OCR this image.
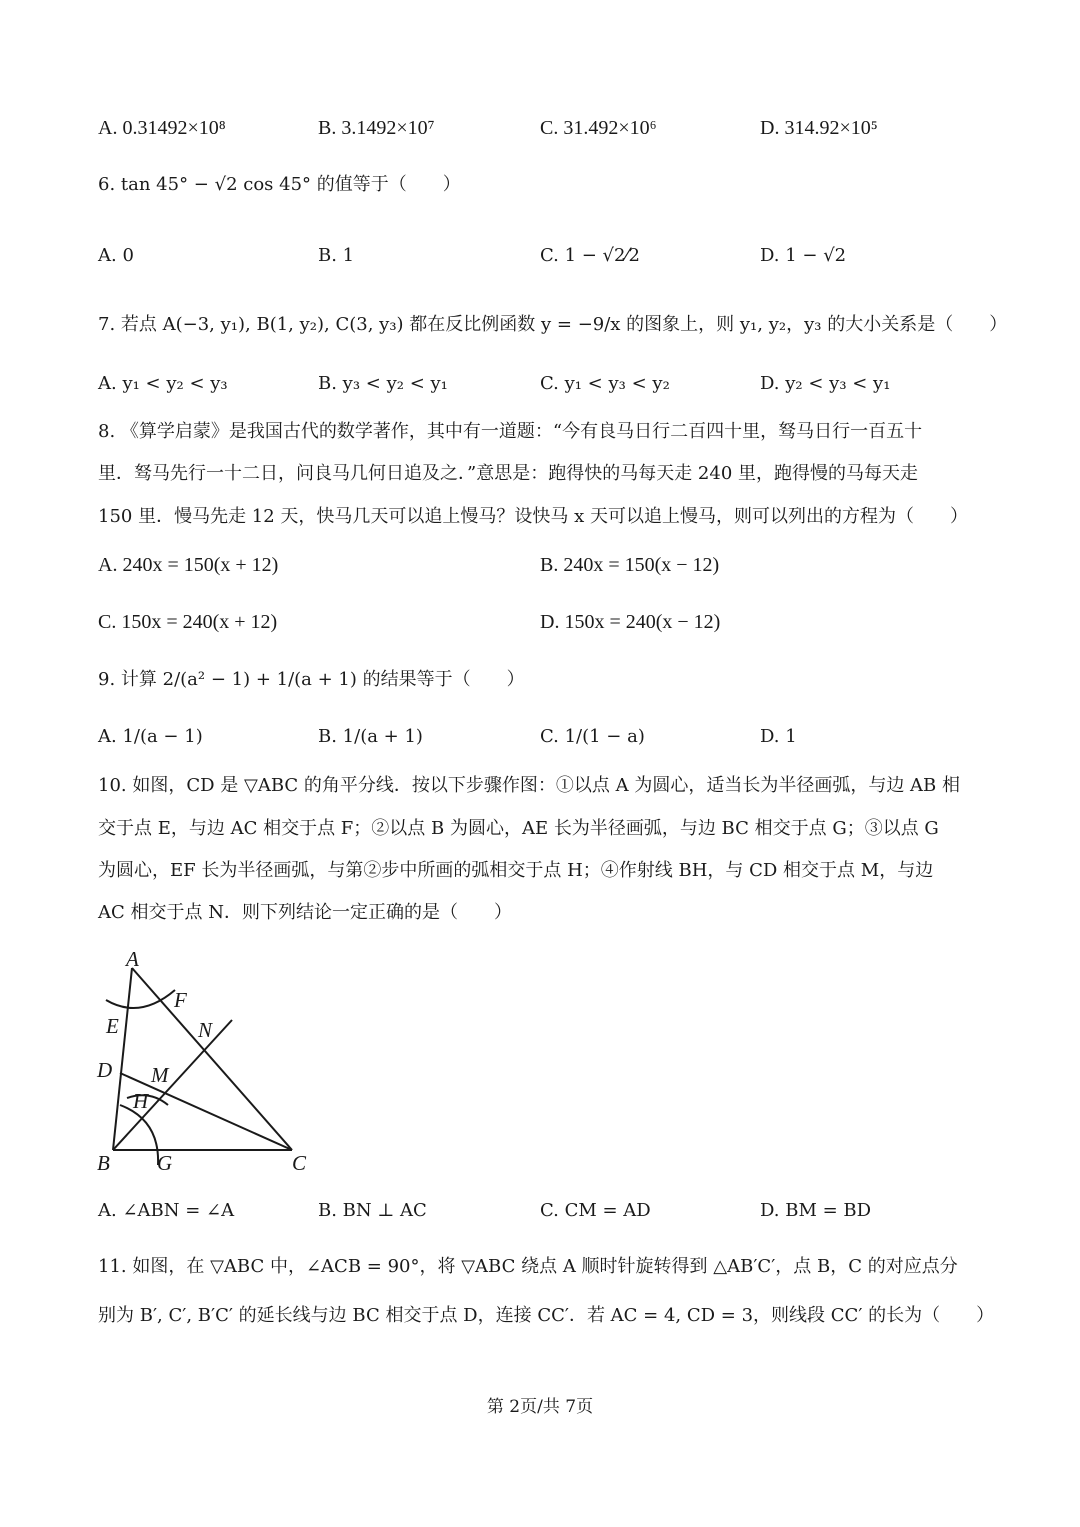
A. 0.31492×10⁸	B. 3.1492×10⁷	C. 31.492×10⁶	D. 314.92×10⁵
6. tan 45° − √2 cos 45° 的值等于（　　）
A. 0	B. 1	C. 1 − √2⁄2	D. 1 − √2
7. 若点 A(−3, y₁), B(1, y₂), C(3, y₃) 都在反比例函数 y = −9/x 的图象上，则 y₁, y₂，y₃ 的大小关系是（　　）
A. y₁ < y₂ < y₃	B. y₃ < y₂ < y₁	C. y₁ < y₃ < y₂	D. y₂ < y₃ < y₁
8. 《算学启蒙》是我国古代的数学著作，其中有一道题：“今有良马日行二百四十里，驽马日行一百五十
里．驽马先行一十二日，问良马几何日追及之．”意思是：跑得快的马每天走 240 里，跑得慢的马每天走
150 里．慢马先走 12 天，快马几天可以追上慢马？设快马 x 天可以追上慢马，则可以列出的方程为（　　）
A. 240x = 150(x + 12)	B. 240x = 150(x − 12)
C. 150x = 240(x + 12)	D. 150x = 240(x − 12)
9. 计算 2/(a² − 1) + 1/(a + 1) 的结果等于（　　）
A. 1/(a − 1)	B. 1/(a + 1)	C. 1/(1 − a)	D. 1
10. 如图，CD 是 ▽ABC 的角平分线．按以下步骤作图：①以点 A 为圆心，适当长为半径画弧，与边 AB 相
交于点 E，与边 AC 相交于点 F；②以点 B 为圆心，AE 长为半径画弧，与边 BC 相交于点 G；③以点 G
为圆心，EF 长为半径画弧，与第②步中所画的弧相交于点 H；④作射线 BH，与 CD 相交于点 M，与边
AC 相交于点 N．则下列结论一定正确的是（　　）
A
F
E	N
D M
H
B G	C
A. ∠ABN = ∠A	B. BN ⊥ AC	C. CM = AD	D. BM = BD
11. 如图，在 ▽ABC 中，∠ACB = 90°，将 ▽ABC 绕点 A 顺时针旋转得到 △AB′C′，点 B，C 的对应点分
别为 B′, C′, B′C′ 的延长线与边 BC 相交于点 D，连接 CC′．若 AC = 4, CD = 3，则线段 CC′ 的长为（　　）
第 2页/共 7页
